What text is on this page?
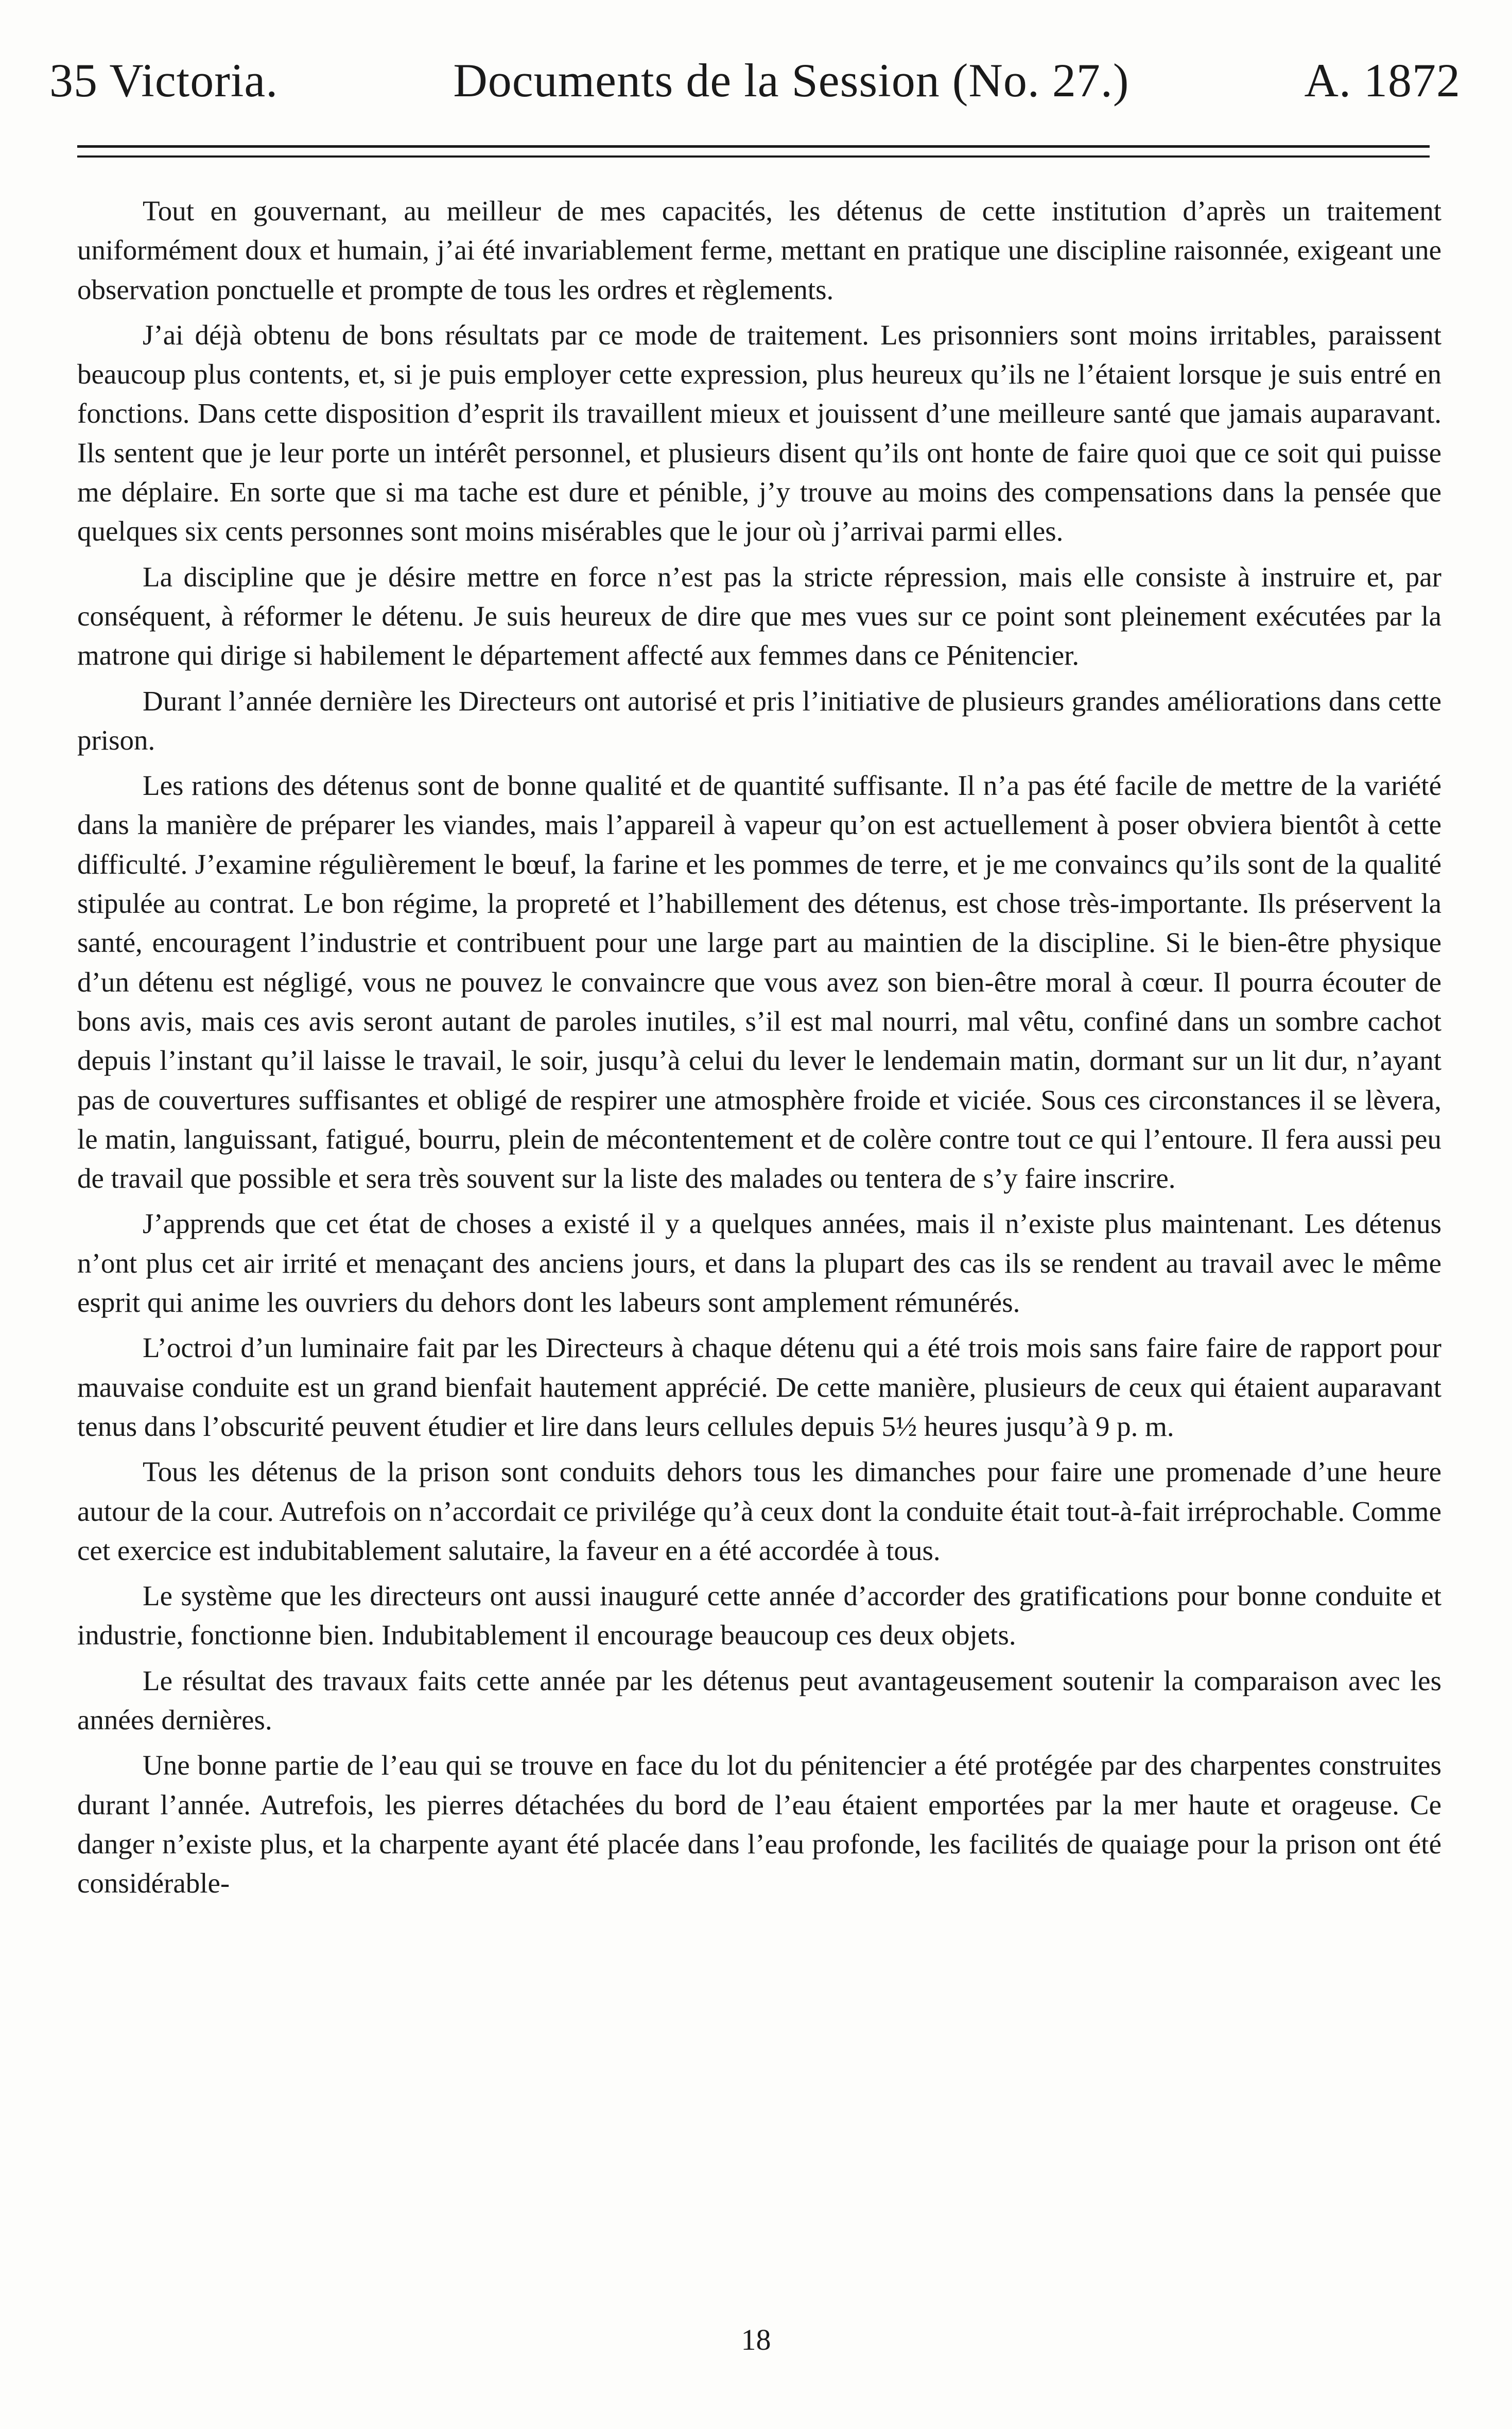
35 Victoria.	Documents de la Session (No. 27.)	A. 1872

Tout en gouvernant, au meilleur de mes capacités, les détenus de cette institution d’après un traitement uniformément doux et humain, j’ai été invariablement ferme, mettant en pratique une discipline raisonnée, exigeant une observation ponctuelle et prompte de tous les ordres et règlements.

J’ai déjà obtenu de bons résultats par ce mode de traitement. Les prisonniers sont moins irritables, paraissent beaucoup plus contents, et, si je puis employer cette expression, plus heureux qu’ils ne l’étaient lorsque je suis entré en fonctions. Dans cette disposition d’esprit ils travaillent mieux et jouissent d’une meilleure santé que jamais auparavant. Ils sentent que je leur porte un intérêt personnel, et plusieurs disent qu’ils ont honte de faire quoi que ce soit qui puisse me déplaire. En sorte que si ma tache est dure et pénible, j’y trouve au moins des compensations dans la pensée que quelques six cents personnes sont moins misérables que le jour où j’arrivai parmi elles.

La discipline que je désire mettre en force n’est pas la stricte répression, mais elle consiste à instruire et, par conséquent, à réformer le détenu. Je suis heureux de dire que mes vues sur ce point sont pleinement exécutées par la matrone qui dirige si habilement le département affecté aux femmes dans ce Pénitencier.

Durant l’année dernière les Directeurs ont autorisé et pris l’initiative de plusieurs grandes améliorations dans cette prison.

Les rations des détenus sont de bonne qualité et de quantité suffisante. Il n’a pas été facile de mettre de la variété dans la manière de préparer les viandes, mais l’appareil à vapeur qu’on est actuellement à poser obviera bientôt à cette difficulté. J’examine régulièrement le bœuf, la farine et les pommes de terre, et je me convaincs qu’ils sont de la qualité stipulée au contrat. Le bon régime, la propreté et l’habillement des détenus, est chose très-importante. Ils préservent la santé, encouragent l’industrie et contribuent pour une large part au maintien de la discipline. Si le bien-être physique d’un détenu est négligé, vous ne pouvez le convaincre que vous avez son bien-être moral à cœur. Il pourra écouter de bons avis, mais ces avis seront autant de paroles inutiles, s’il est mal nourri, mal vêtu, confiné dans un sombre cachot depuis l’instant qu’il laisse le travail, le soir, jusqu’à celui du lever le lendemain matin, dormant sur un lit dur, n’ayant pas de couvertures suffisantes et obligé de respirer une atmosphère froide et viciée. Sous ces circonstances il se lèvera, le matin, languissant, fatigué, bourru, plein de mécontentement et de colère contre tout ce qui l’entoure. Il fera aussi peu de travail que possible et sera très souvent sur la liste des malades ou tentera de s’y faire inscrire.

J’apprends que cet état de choses a existé il y a quelques années, mais il n’existe plus maintenant. Les détenus n’ont plus cet air irrité et menaçant des anciens jours, et dans la plupart des cas ils se rendent au travail avec le même esprit qui anime les ouvriers du dehors dont les labeurs sont amplement rémunérés.

L’octroi d’un luminaire fait par les Directeurs à chaque détenu qui a été trois mois sans faire faire de rapport pour mauvaise conduite est un grand bienfait hautement apprécié. De cette manière, plusieurs de ceux qui étaient auparavant tenus dans l’obscurité peuvent étudier et lire dans leurs cellules depuis 5½ heures jusqu’à 9 p. m.

Tous les détenus de la prison sont conduits dehors tous les dimanches pour faire une promenade d’une heure autour de la cour. Autrefois on n’accordait ce privilége qu’à ceux dont la conduite était tout-à-fait irréprochable. Comme cet exercice est indubitablement salutaire, la faveur en a été accordée à tous.

Le système que les directeurs ont aussi inauguré cette année d’accorder des gratifications pour bonne conduite et industrie, fonctionne bien. Indubitablement il encourage beaucoup ces deux objets.

Le résultat des travaux faits cette année par les détenus peut avantageusement soutenir la comparaison avec les années dernières.

Une bonne partie de l’eau qui se trouve en face du lot du pénitencier a été protégée par des charpentes construites durant l’année. Autrefois, les pierres détachées du bord de l’eau étaient emportées par la mer haute et orageuse. Ce danger n’existe plus, et la charpente ayant été placée dans l’eau profonde, les facilités de quaiage pour la prison ont été considérable-

18
